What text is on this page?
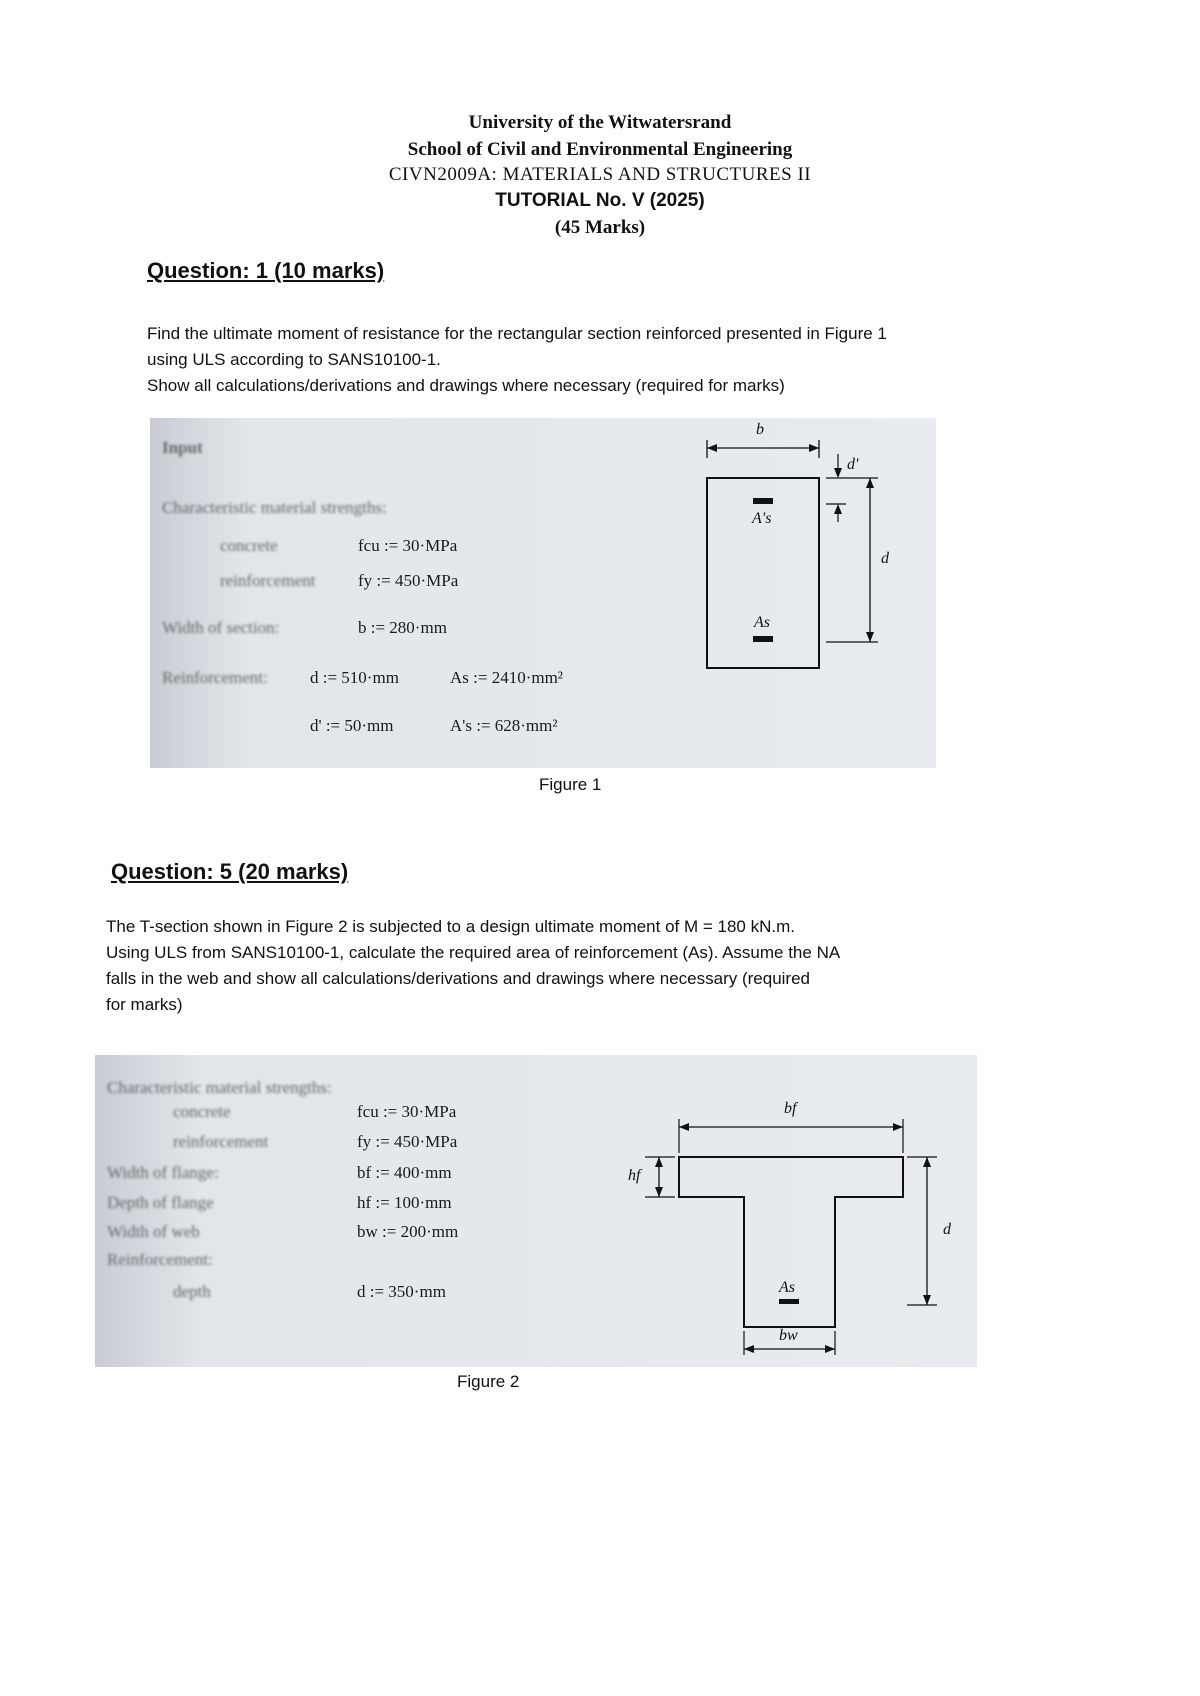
University of the Witwatersrand
School of Civil and Environmental Engineering
CIVN2009A: MATERIALS AND STRUCTURES II
TUTORIAL No. V (2025)
(45 Marks)
Question: 1 (10 marks)
Find the ultimate moment of resistance for the rectangular section reinforced presented in Figure 1
using ULS according to SANS10100-1.
Show all calculations/derivations and drawings where necessary (required for marks)
Input
Characteristic material strengths:
concrete
reinforcement
Width of section:
Reinforcement:
fcu := 30·MPa
fy := 450·MPa
b := 280·mm
d := 510·mm	As := 2410·mm²
d' := 50·mm	A's := 628·mm²
b
d'
A's
d
As
Figure 1
Question: 5 (20 marks)
The T-section shown in Figure 2 is subjected to a design ultimate moment of M = 180 kN.m.
Using ULS from SANS10100-1, calculate the required area of reinforcement (As). Assume the NA
falls in the web and show all calculations/derivations and drawings where necessary (required
for marks)
Characteristic material strengths:
concrete
reinforcement
Width of flange:
Depth of flange
Width of web
Reinforcement:
depth
fcu := 30·MPa
fy := 450·MPa
bf := 400·mm
hf := 100·mm
bw := 200·mm
d := 350·mm
bf
hf
d
As
bw
Figure 2
